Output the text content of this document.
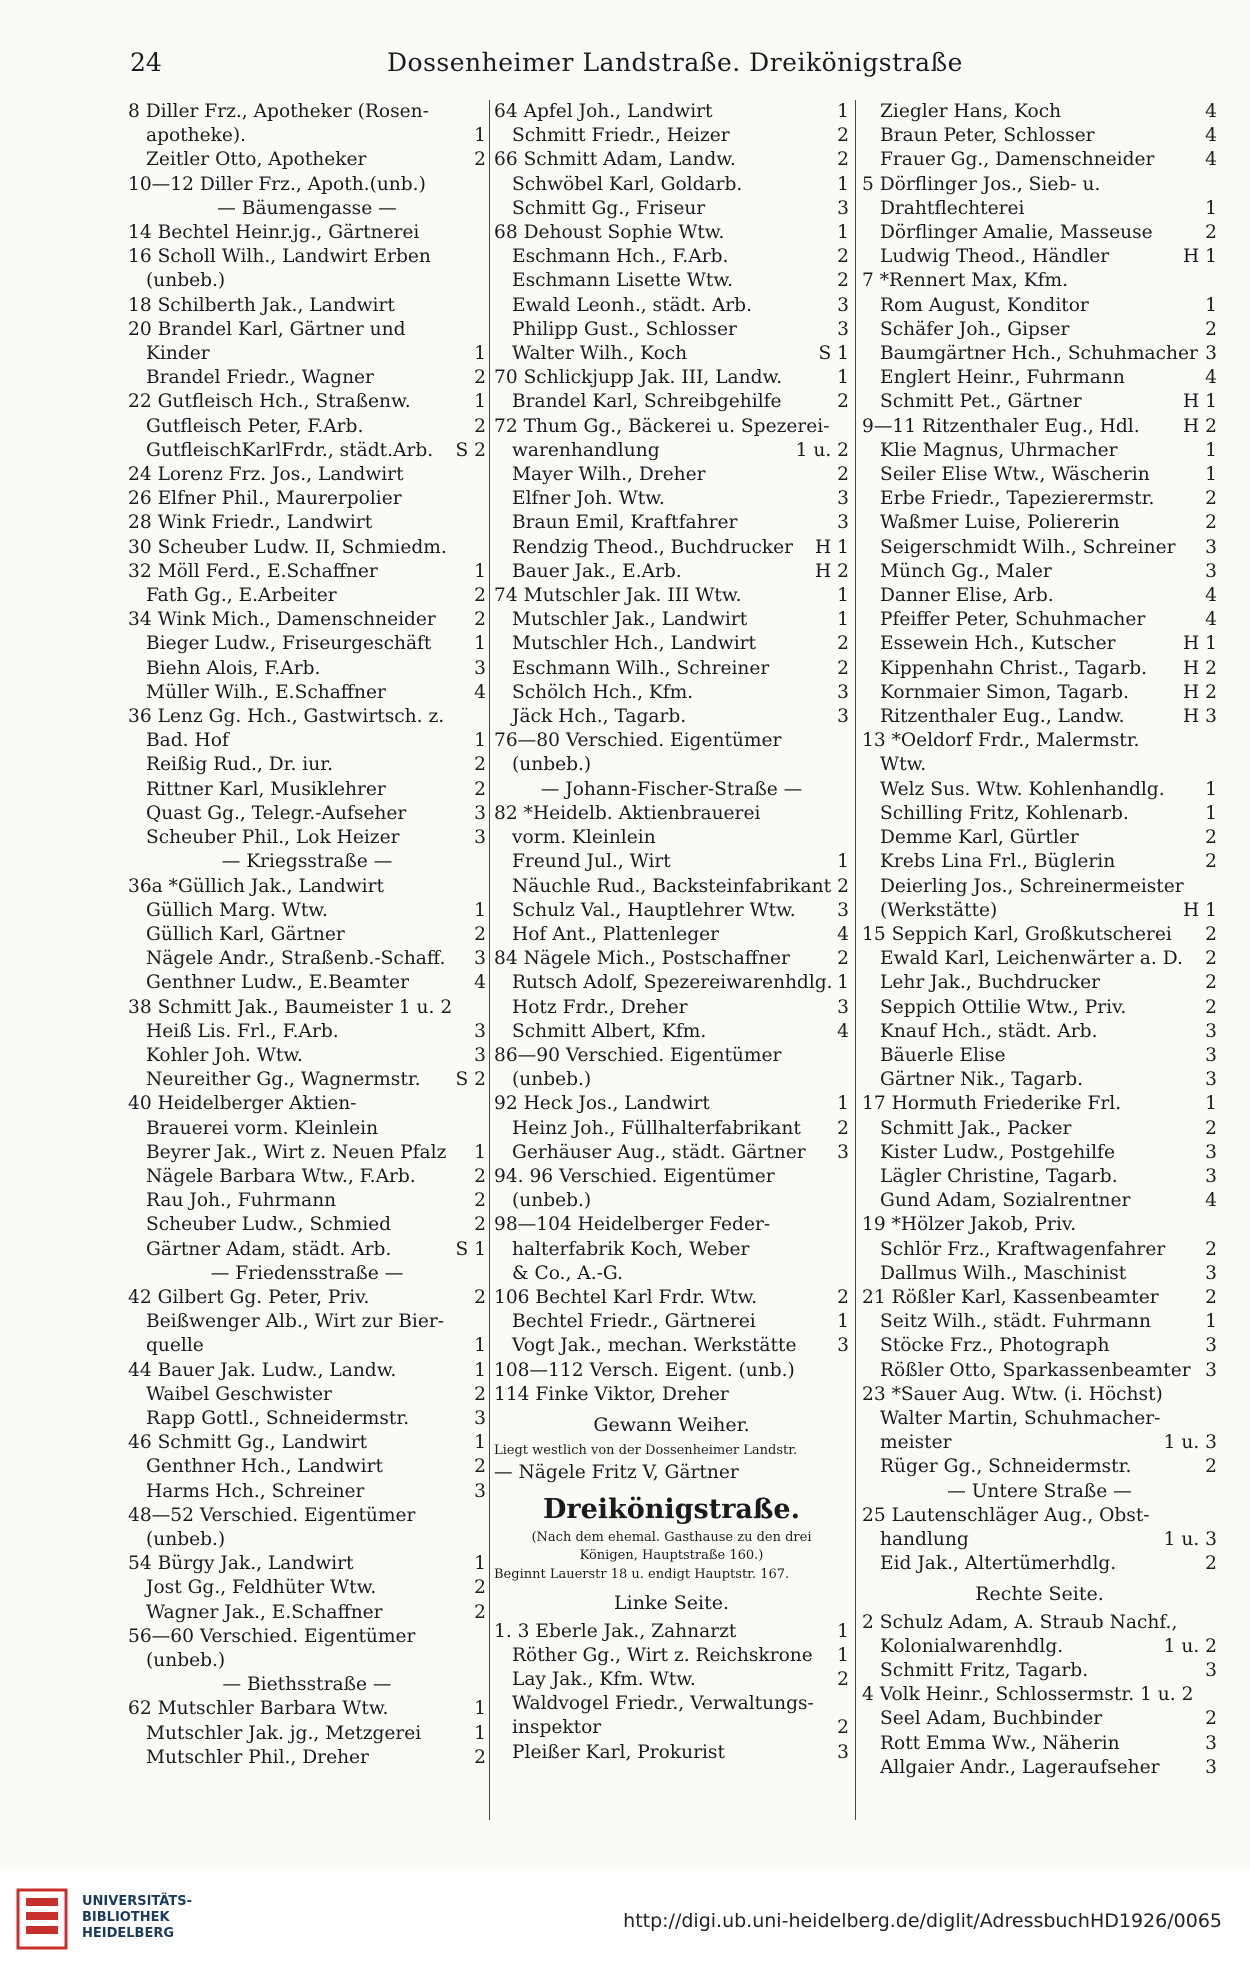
24	Dossenheimer Landstraße. Dreikönigstraße
8 Diller Frz., Apotheker (Rosen-
apotheke).	1
Zeitler Otto, Apotheker	2
10—12 Diller Frz., Apoth.(unb.)
— Bäumengasse —
14 Bechtel Heinr.jg., Gärtnerei
16 Scholl Wilh., Landwirt Erben
(unbeb.)
18 Schilberth Jak., Landwirt
20 Brandel Karl, Gärtner und
Kinder	1
Brandel Friedr., Wagner	2
22 Gutfleisch Hch., Straßenw.	1
Gutfleisch Peter, F.Arb.	2
GutfleischKarlFrdr., städt.Arb. S 2
24 Lorenz Frz. Jos., Landwirt
26 Elfner Phil., Maurerpolier
28 Wink Friedr., Landwirt
30 Scheuber Ludw. II, Schmiedm.
32 Möll Ferd., E.Schaffner	1
Fath Gg., E.Arbeiter	2
34 Wink Mich., Damenschneider 2
Bieger Ludw., Friseurgeschäft 1
Biehn Alois, F.Arb.	3
Müller Wilh., E.Schaffner	4
36 Lenz Gg. Hch., Gastwirtsch. z.
Bad. Hof	1
Reißig Rud., Dr. iur.	2
Rittner Karl, Musiklehrer	2
Quast Gg., Telegr.-Aufseher	3
Scheuber Phil., Lok Heizer	3
— Kriegsstraße —
36a *Güllich Jak., Landwirt
Güllich Marg. Wtw.	1
Güllich Karl, Gärtner	2
Nägele Andr., Straßenb.-Schaff. 3
Genthner Ludw., E.Beamter	4
38 Schmitt Jak., Baumeister 1 u. 2
Heiß Lis. Frl., F.Arb.	3
Kohler Joh. Wtw.	3
Neureither Gg., Wagnermstr. S 2
40 Heidelberger Aktien-
Brauerei vorm. Kleinlein
Beyrer Jak., Wirt z. Neuen Pfalz 1
Nägele Barbara Wtw., F.Arb.	2
Rau Joh., Fuhrmann	2
Scheuber Ludw., Schmied	2
Gärtner Adam, städt. Arb.	S 1
— Friedensstraße —
42 Gilbert Gg. Peter, Priv.	2
Beißwenger Alb., Wirt zur Bier-
quelle	1
44 Bauer Jak. Ludw., Landw.	1
Waibel Geschwister	2
Rapp Gottl., Schneidermstr.	3
46 Schmitt Gg., Landwirt	1
Genthner Hch., Landwirt	2
Harms Hch., Schreiner	3
48—52 Verschied. Eigentümer
(unbeb.)
54 Bürgy Jak., Landwirt	1
Jost Gg., Feldhüter Wtw.	2
Wagner Jak., E.Schaffner	2
56—60 Verschied. Eigentümer
(unbeb.)
— Biethsstraße —
62 Mutschler Barbara Wtw.	1
Mutschler Jak. jg., Metzgerei	1
Mutschler Phil., Dreher	2
64 Apfel Joh., Landwirt	1
Schmitt Friedr., Heizer	2
66 Schmitt Adam, Landw.	2
Schwöbel Karl, Goldarb.	1
Schmitt Gg., Friseur	3
68 Dehoust Sophie Wtw.	1
Eschmann Hch., F.Arb.	2
Eschmann Lisette Wtw.	2
Ewald Leonh., städt. Arb.	3
Philipp Gust., Schlosser	3
Walter Wilh., Koch	S 1
70 Schlickjupp Jak. III, Landw.	1
Brandel Karl, Schreibgehilfe	2
72 Thum Gg., Bäckerei u. Spezerei-
warenhandlung	1 u. 2
Mayer Wilh., Dreher	2
Elfner Joh. Wtw.	3
Braun Emil, Kraftfahrer	3
Rendzig Theod., Buchdrucker H 1
Bauer Jak., E.Arb.	H 2
74 Mutschler Jak. III Wtw.	1
Mutschler Jak., Landwirt	1
Mutschler Hch., Landwirt	2
Eschmann Wilh., Schreiner	2
Schölch Hch., Kfm.	3
Jäck Hch., Tagarb.	3
76—80 Verschied. Eigentümer
(unbeb.)
— Johann-Fischer-Straße —
82 *Heidelb. Aktienbrauerei
vorm. Kleinlein
Freund Jul., Wirt	1
Näuchle Rud., Backsteinfabrikant 2
Schulz Val., Hauptlehrer Wtw. 3
Hof Ant., Plattenleger	4
84 Nägele Mich., Postschaffner	2
Rutsch Adolf, Spezereiwarenhdlg. 1
Hotz Frdr., Dreher	3
Schmitt Albert, Kfm.	4
86—90 Verschied. Eigentümer
(unbeb.)
92 Heck Jos., Landwirt	1
Heinz Joh., Füllhalterfabrikant 2
Gerhäuser Aug., städt. Gärtner 3
94. 96 Verschied. Eigentümer
(unbeb.)
98—104 Heidelberger Feder-
halterfabrik Koch, Weber
& Co., A.-G.
106 Bechtel Karl Frdr. Wtw.	2
Bechtel Friedr., Gärtnerei	1
Vogt Jak., mechan. Werkstätte 3
108—112 Versch. Eigent. (unb.)
114 Finke Viktor, Dreher
Gewann Weiher.
Liegt westlich von der Dossenheimer Landstr.
— Nägele Fritz V, Gärtner
Dreikönigstraße.
(Nach dem ehemal. Gasthause zu den drei
Königen, Hauptstraße 160.)
Beginnt Lauerstr 18 u. endigt Hauptstr. 167.
Linke Seite.
1. 3 Eberle Jak., Zahnarzt	1
Röther Gg., Wirt z. Reichskrone 1
Lay Jak., Kfm. Wtw.	2
Waldvogel Friedr., Verwaltungs-
inspektor	2
Pleißer Karl, Prokurist	3
Ziegler Hans, Koch	4
Braun Peter, Schlosser	4
Frauer Gg., Damenschneider	4
5 Dörflinger Jos., Sieb- u.
Drahtflechterei	1
Dörflinger Amalie, Masseuse	2
Ludwig Theod., Händler	H 1
7 *Rennert Max, Kfm.
Rom August, Konditor	1
Schäfer Joh., Gipser	2
Baumgärtner Hch., Schuhmacher 3
Englert Heinr., Fuhrmann	4
Schmitt Pet., Gärtner	H 1
9—11 Ritzenthaler Eug., Hdl. H 2
Klie Magnus, Uhrmacher	1
Seiler Elise Wtw., Wäscherin	1
Erbe Friedr., Tapezierermstr.	2
Waßmer Luise, Poliererin	2
Seigerschmidt Wilh., Schreiner 3
Münch Gg., Maler	3
Danner Elise, Arb.	4
Pfeiffer Peter, Schuhmacher	4
Essewein Hch., Kutscher	H 1
Kippenhahn Christ., Tagarb. H 2
Kornmaier Simon, Tagarb.	H 2
Ritzenthaler Eug., Landw.	H 3
13 *Oeldorf Frdr., Malermstr.
Wtw.
Welz Sus. Wtw. Kohlenhandlg. 1
Schilling Fritz, Kohlenarb.	1
Demme Karl, Gürtler	2
Krebs Lina Frl., Büglerin	2
Deierling Jos., Schreinermeister
(Werkstätte)	H 1
15 Seppich Karl, Großkutscherei 2
Ewald Karl, Leichenwärter a. D. 2
Lehr Jak., Buchdrucker	2
Seppich Ottilie Wtw., Priv.	2
Knauf Hch., städt. Arb.	3
Bäuerle Elise	3
Gärtner Nik., Tagarb.	3
17 Hormuth Friederike Frl.	1
Schmitt Jak., Packer	2
Kister Ludw., Postgehilfe	3
Lägler Christine, Tagarb.	3
Gund Adam, Sozialrentner	4
19 *Hölzer Jakob, Priv.
Schlör Frz., Kraftwagenfahrer 2
Dallmus Wilh., Maschinist	3
21 Rößler Karl, Kassenbeamter	2
Seitz Wilh., städt. Fuhrmann	1
Stöcke Frz., Photograph	3
Rößler Otto, Sparkassenbeamter 3
23 *Sauer Aug. Wtw. (i. Höchst)
Walter Martin, Schuhmacher-
meister	1 u. 3
Rüger Gg., Schneidermstr.	2
— Untere Straße —
25 Lautenschläger Aug., Obst-
handlung	1 u. 3
Eid Jak., Altertümerhdlg.	2
Rechte Seite.
2 Schulz Adam, A. Straub Nachf.,
Kolonialwarenhdlg.	1 u. 2
Schmitt Fritz, Tagarb.	3
4 Volk Heinr., Schlossermstr. 1 u. 2
Seel Adam, Buchbinder	2
Rott Emma Ww., Näherin	3
Allgaier Andr., Lageraufseher 3
UNIVERSITÄTS-
BIBLIOTHEK
HEIDELBERG
http://digi.ub.uni-heidelberg.de/diglit/AdressbuchHD1926/0065
